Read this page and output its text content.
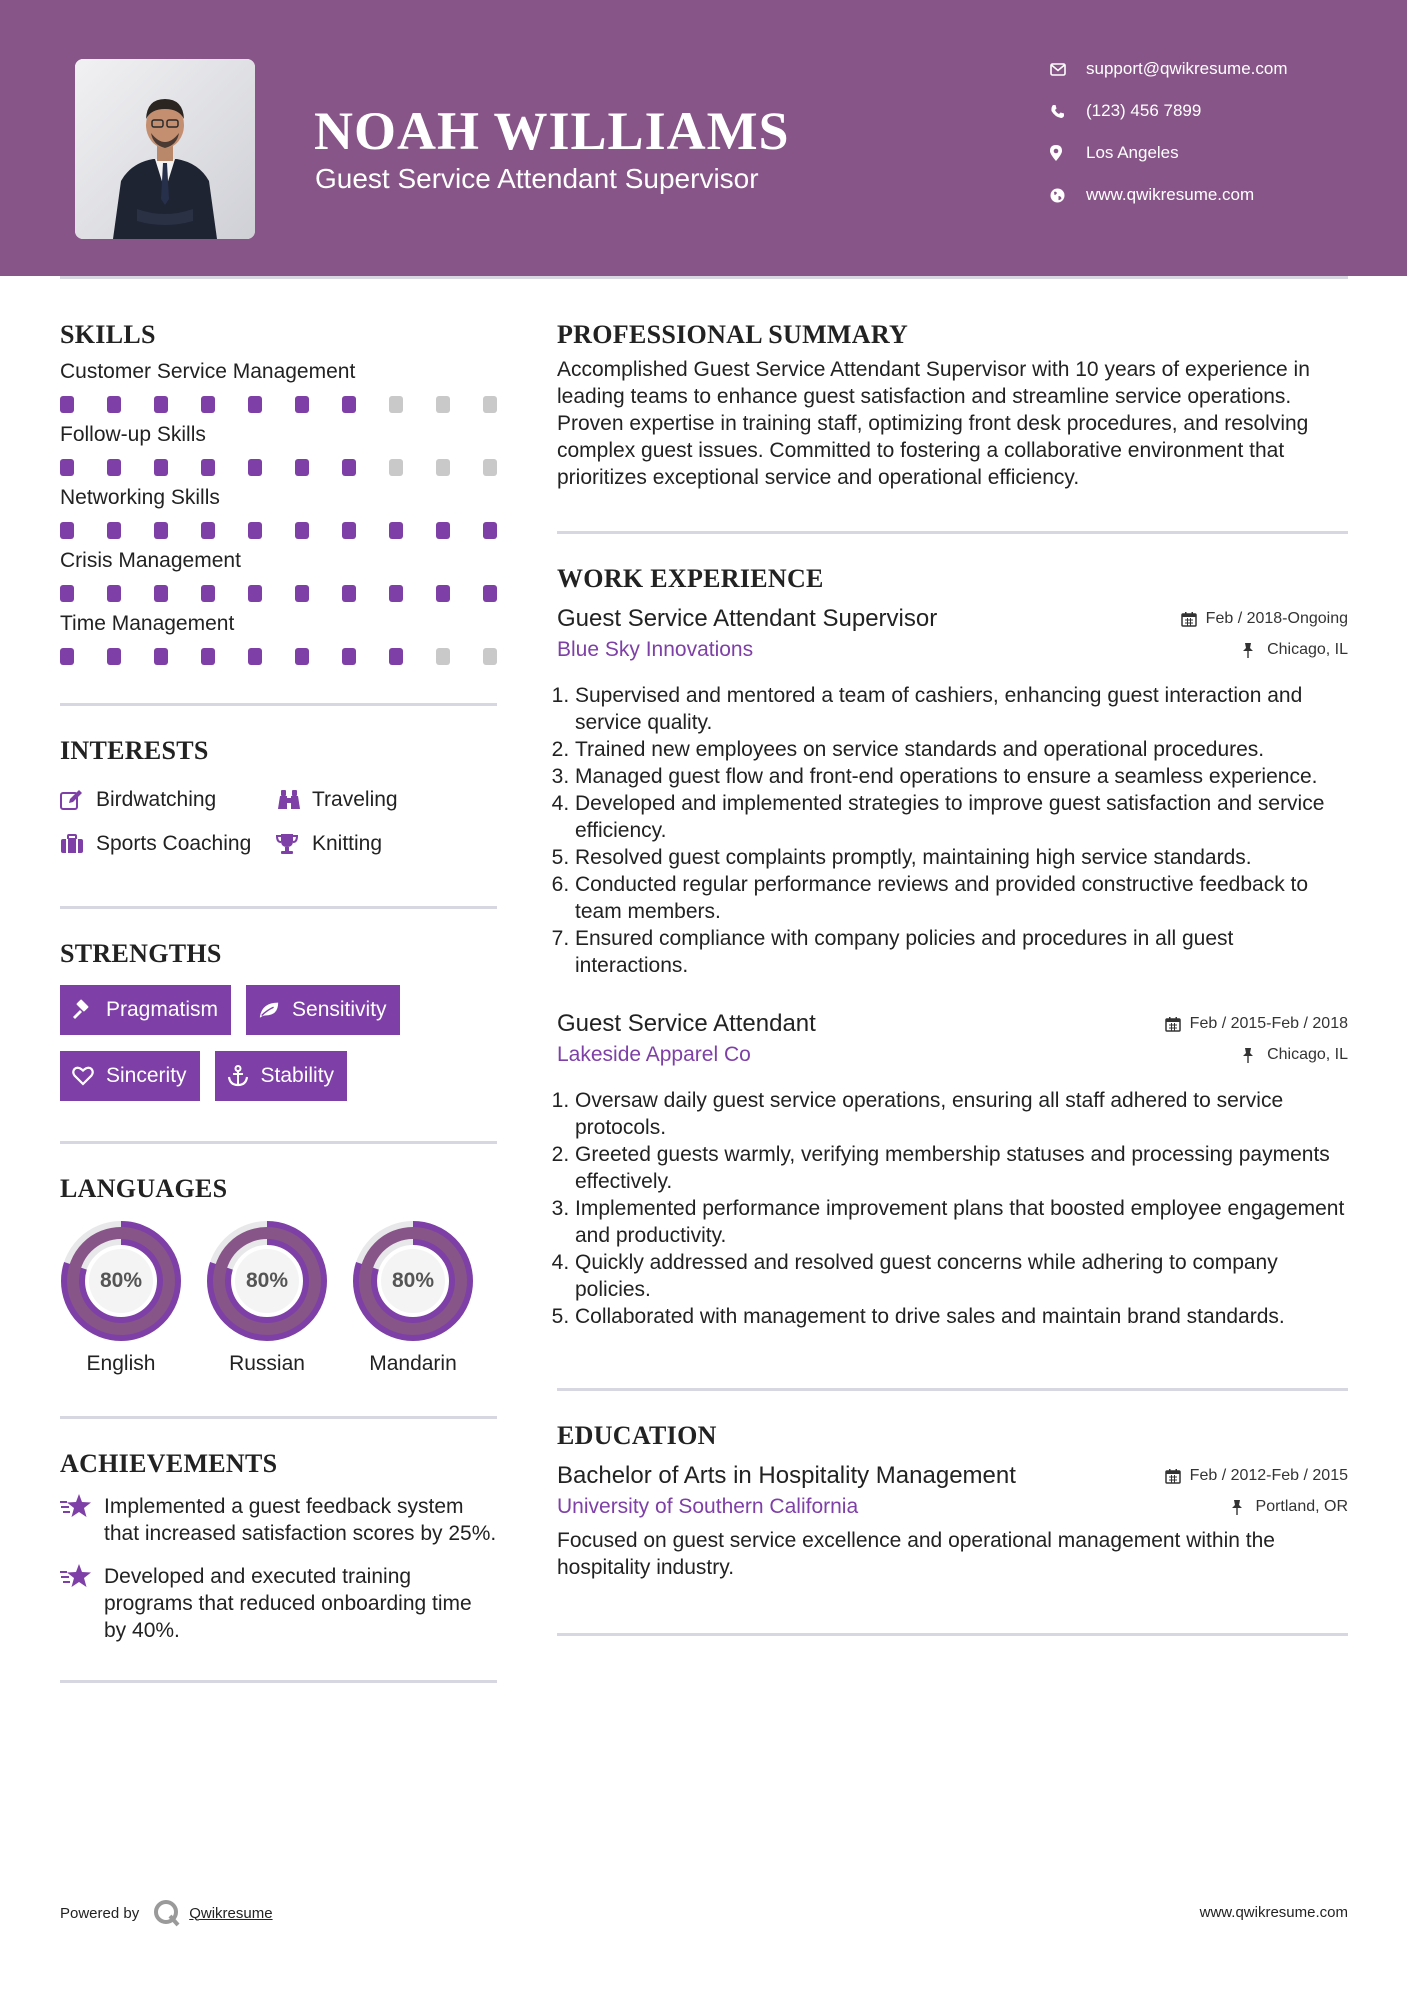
NOAH WILLIAMS
Guest Service Attendant Supervisor
support@qwikresume.com
(123) 456 7899
Los Angeles
www.qwikresume.com
SKILLS
Customer Service Management
Follow-up Skills
Networking Skills
Crisis Management
Time Management
INTERESTS
Birdwatching	Traveling
Sports Coaching	Knitting
STRENGTHS
Pragmatism	Sensitivity
Sincerity	Stability
LANGUAGES
80%
English
80%
Russian
80%
Mandarin
ACHIEVEMENTS
Implemented a guest feedback system that increased satisfaction scores by 25%.
Developed and executed training programs that reduced onboarding time by 40%.
PROFESSIONAL SUMMARY
Accomplished Guest Service Attendant Supervisor with 10 years of experience in leading teams to enhance guest satisfaction and streamline service operations. Proven expertise in training staff, optimizing front desk procedures, and resolving complex guest issues. Committed to fostering a collaborative environment that prioritizes exceptional service and operational efficiency.
WORK EXPERIENCE
Guest Service Attendant Supervisor	Feb / 2018-Ongoing
Blue Sky Innovations	Chicago, IL
1. Supervised and mentored a team of cashiers, enhancing guest interaction and service quality.
2. Trained new employees on service standards and operational procedures.
3. Managed guest flow and front-end operations to ensure a seamless experience.
4. Developed and implemented strategies to improve guest satisfaction and service efficiency.
5. Resolved guest complaints promptly, maintaining high service standards.
6. Conducted regular performance reviews and provided constructive feedback to team members.
7. Ensured compliance with company policies and procedures in all guest interactions.
Guest Service Attendant	Feb / 2015-Feb / 2018
Lakeside Apparel Co	Chicago, IL
1. Oversaw daily guest service operations, ensuring all staff adhered to service protocols.
2. Greeted guests warmly, verifying membership statuses and processing payments effectively.
3. Implemented performance improvement plans that boosted employee engagement and productivity.
4. Quickly addressed and resolved guest concerns while adhering to company policies.
5. Collaborated with management to drive sales and maintain brand standards.
EDUCATION
Bachelor of Arts in Hospitality Management	Feb / 2012-Feb / 2015
University of Southern California	Portland, OR
Focused on guest service excellence and operational management within the hospitality industry.
Powered by	Qwikresume	www.qwikresume.com
